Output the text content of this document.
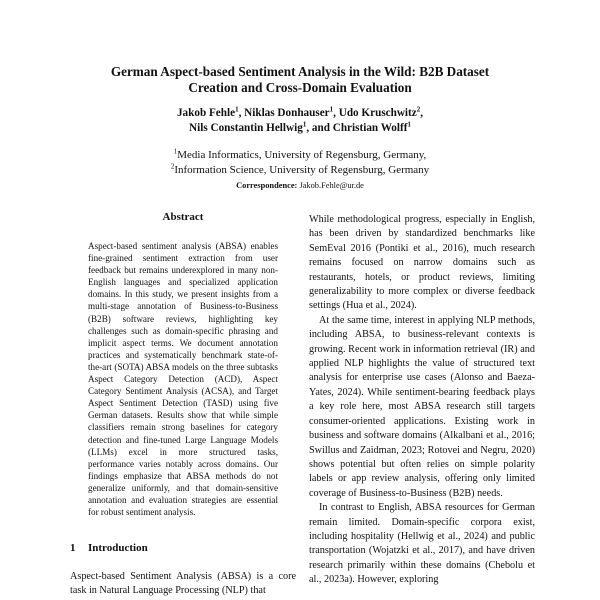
German Aspect-based Sentiment Analysis in the Wild: B2B Dataset
Creation and Cross-Domain Evaluation
Jakob Fehle$^1$, Niklas Donhauser$^1$, Udo Kruschwitz$^2$,
Nils Constantin Hellwig$^1$, and Christian Wolff$^1$
$^1$Media Informatics, University of Regensburg, Germany,
$^2$Information Science, University of Regensburg, Germany
Correspondence: Jakob.Fehle@ur.de
Abstract

Aspect-based sentiment analysis (ABSA) enables fine-grained sentiment extraction from user feedback but remains underexplored in many non-English languages and specialized application domains. In this study, we present insights from a multi-stage annotation of Business-to-Business (B2B) software reviews, highlighting key challenges such as domain-specific phrasing and implicit aspect terms. We document annotation practices and systematically benchmark state-of-the-art (SOTA) ABSA models on the three subtasks Aspect Category Detection (ACD), Aspect Category Sentiment Analysis (ACSA), and Target Aspect Sentiment Detection (TASD) using five German datasets. Results show that while simple classifiers remain strong baselines for category detection and fine-tuned Large Language Models (LLMs) excel in more structured tasks, performance varies notably across domains. Our findings emphasize that ABSA methods do not generalize uniformly, and that domain-sensitive annotation and evaluation strategies are essential for robust sentiment analysis.

1 Introduction

Aspect-based Sentiment Analysis (ABSA) is a core task in Natural Language Processing (NLP) that

While methodological progress, especially in English, has been driven by standardized benchmarks like SemEval 2016 (Pontiki et al., 2016), much research remains focused on narrow domains such as restaurants, hotels, or product reviews, limiting generalizability to more complex or diverse feedback settings (Hua et al., 2024).

At the same time, interest in applying NLP methods, including ABSA, to business-relevant contexts is growing. Recent work in information retrieval (IR) and applied NLP highlights the value of structured text analysis for enterprise use cases (Alonso and Baeza-Yates, 2024). While sentiment-bearing feedback plays a key role here, most ABSA research still targets consumer-oriented applications. Existing work in business and software domains (Alkalbani et al., 2016; Swillus and Zaidman, 2023; Rotovei and Negru, 2020) shows potential but often relies on simple polarity labels or app review analysis, offering only limited coverage of Business-to-Business (B2B) needs.

In contrast to English, ABSA resources for German remain limited. Domain-specific corpora exist, including hospitality (Hellwig et al., 2024) and public transportation (Wojatzki et al., 2017), and have driven research primarily within these domains (Chebolu et al., 2023a). However, exploring
